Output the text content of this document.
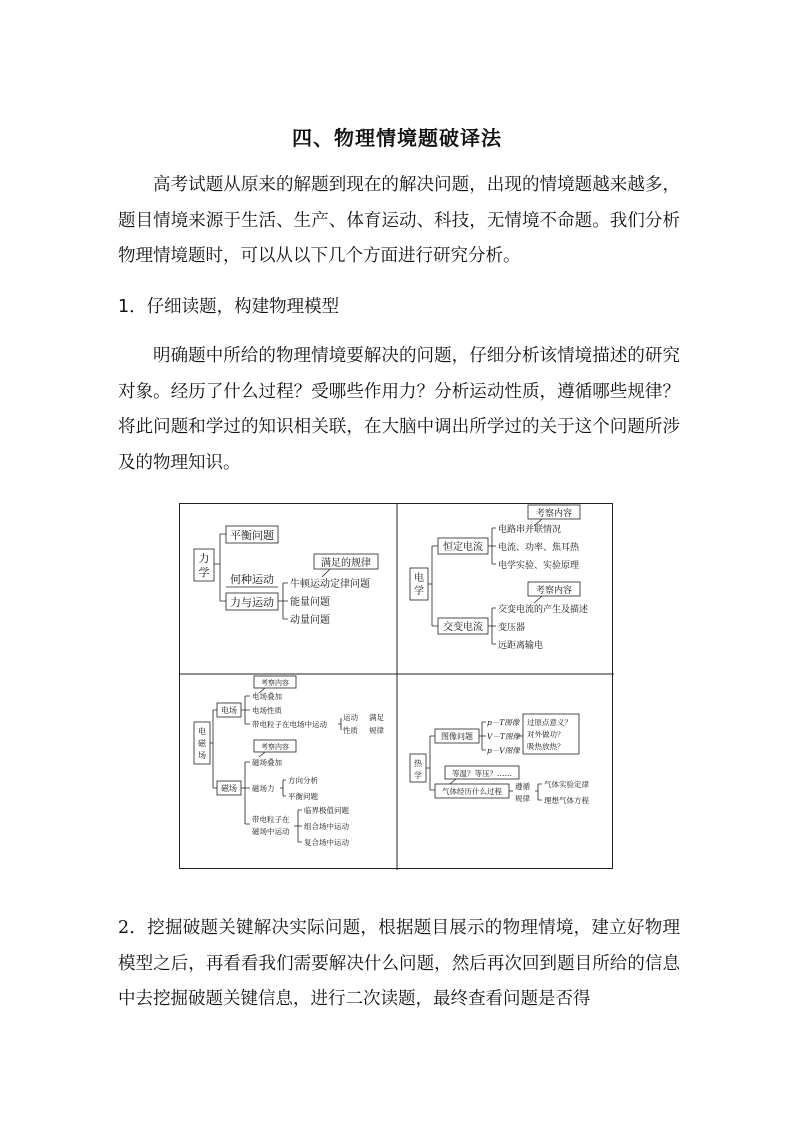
四、物理情境题破译法

高考试题从原来的解题到现在的解决问题，出现的情境题越来越多，题目情境来源于生活、生产、体育运动、科技，无情境不命题。我们分析物理情境题时，可以从以下几个方面进行研究分析。

1．仔细读题，构建物理模型

明确题中所给的物理情境要解决的问题，仔细分析该情境描述的研究对象。经历了什么过程？受哪些作用力？分析运动性质，遵循哪些规律？将此问题和学过的知识相关联，在大脑中调出所学过的关于这个问题所涉及的物理知识。

力
学
平衡问题
力与运动
何种运动
满足的规律
牛顿运动定律问题
能量问题
动量问题
电
学
恒定电流
交变电流
考察内容
电路串并联情况
电流、功率、焦耳热
电学实验、实验原理
考察内容
交变电流的产生及描述
变压器
远距离输电
电
磁
场
电场
磁场
考察内容
电场叠加
电场性质
带电粒子在电场中运动
运动
性质
满足
规律
考察内容
磁场叠加
磁场力
方向分析
平衡问题
带电粒子在
磁场中运动
临界极值问题
组合场中运动
复合场中运动
热
学
图像问题
p－T图像
V－T图像
p－V图像
过原点意义？
对外做功？
吸热放热？
等温？等压？……
气体经历什么过程
遵循
规律
气体实验定律
理想气体方程

2．挖掘破题关键解决实际问题，根据题目展示的物理情境，建立好物理模型之后，再看看我们需要解决什么问题，然后再次回到题目所给的信息中去挖掘破题关键信息，进行二次读题，最终查看问题是否得
